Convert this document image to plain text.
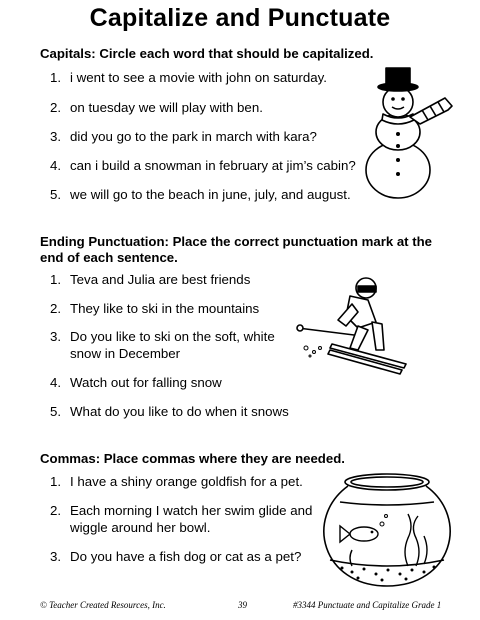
Capitalize and Punctuate
Capitals: Circle each word that should be capitalized.
1. i went to see a movie with john on saturday.
2. on tuesday we will play with ben.
3. did you go to the park in march with kara?
4. can i build a snowman in february at jim’s cabin?
5. we will go to the beach in june, july, and august.
Ending Punctuation: Place the correct punctuation mark at the end of each sentence.
1. Teva and Julia are best friends
2. They like to ski in the mountains
3. Do you like to ski on the soft, white snow in December
4. Watch out for falling snow
5. What do you like to do when it snows
Commas: Place commas where they are needed.
1. I have a shiny orange goldfish for a pet.
2. Each morning I watch her swim glide and wiggle around her bowl.
3. Do you have a fish dog or cat as a pet?
© Teacher Created Resources, Inc.	39	#3344 Punctuate and Capitalize Grade 1
